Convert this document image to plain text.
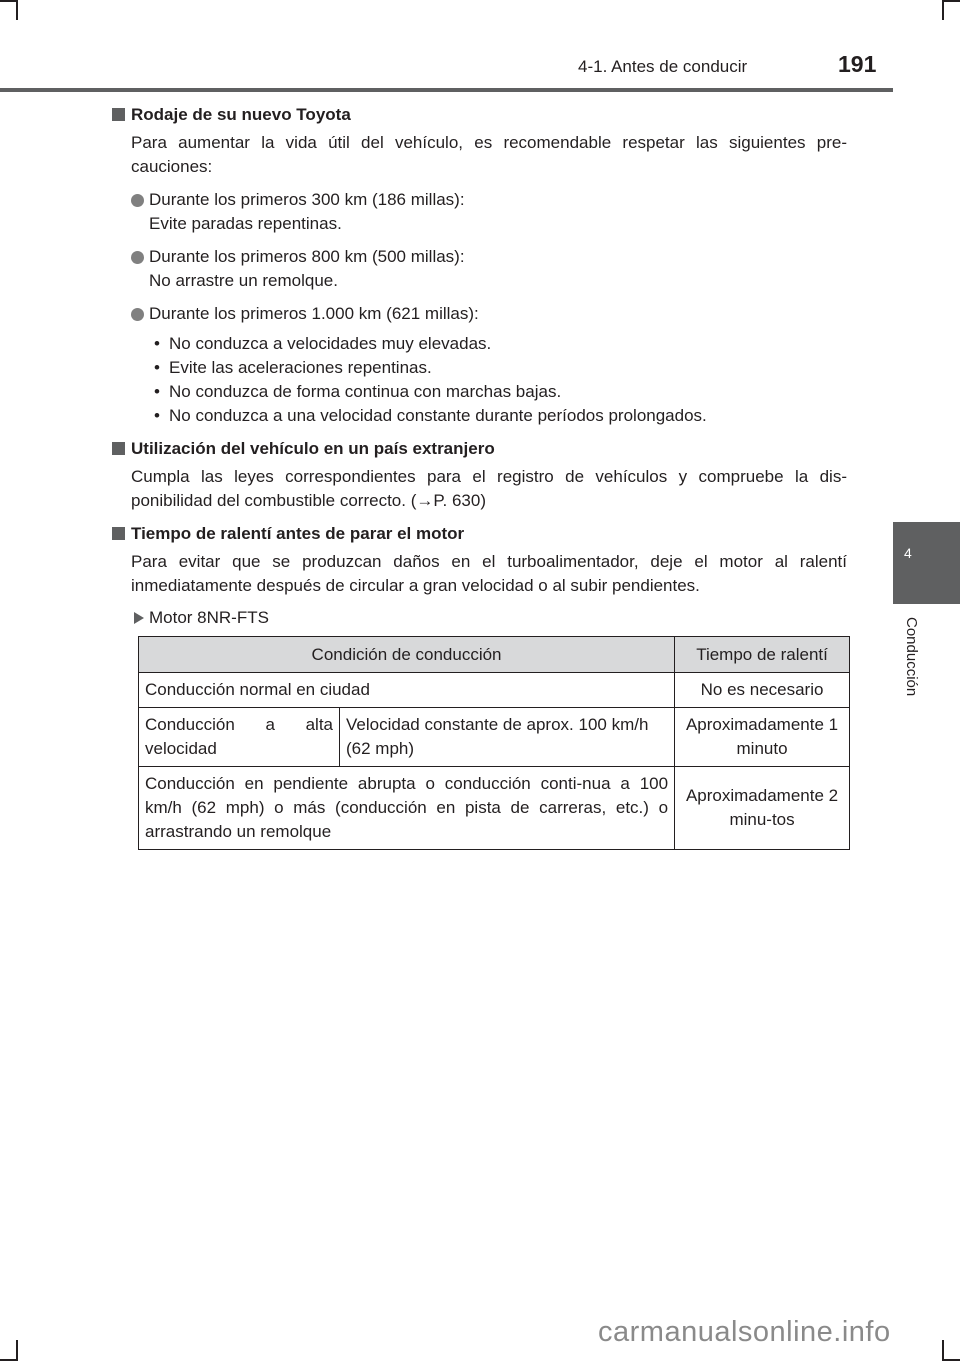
4-1. Antes de conducir	191
4
Conducción
Rodaje de su nuevo Toyota
Para aumentar la vida útil del vehículo, es recomendable respetar las siguientes pre-cauciones:
Durante los primeros 300 km (186 millas):
Evite paradas repentinas.
Durante los primeros 800 km (500 millas):
No arrastre un remolque.
Durante los primeros 1.000 km (621 millas):
• No conduzca a velocidades muy elevadas.
• Evite las aceleraciones repentinas.
• No conduzca de forma continua con marchas bajas.
• No conduzca a una velocidad constante durante períodos prolongados.
Utilización del vehículo en un país extranjero
Cumpla las leyes correspondientes para el registro de vehículos y compruebe la dis-ponibilidad del combustible correcto. (→P. 630)
Tiempo de ralentí antes de parar el motor
Para evitar que se produzcan daños en el turboalimentador, deje el motor al ralentí inmediatamente después de circular a gran velocidad o al subir pendientes.
Motor 8NR-FTS
Condición de conducción		Tiempo de ralentí
Conducción normal en ciudad		No es necesario
Conducción a alta velocidad	Velocidad constante de aprox. 100 km/h (62 mph)	Aproximadamente 1 minuto
Conducción en pendiente abrupta o conducción conti-nua a 100 km/h (62 mph) o más (conducción en pista de carreras, etc.) o arrastrando un remolque		Aproximadamente 2 minu-tos
carmanualsonline.info
